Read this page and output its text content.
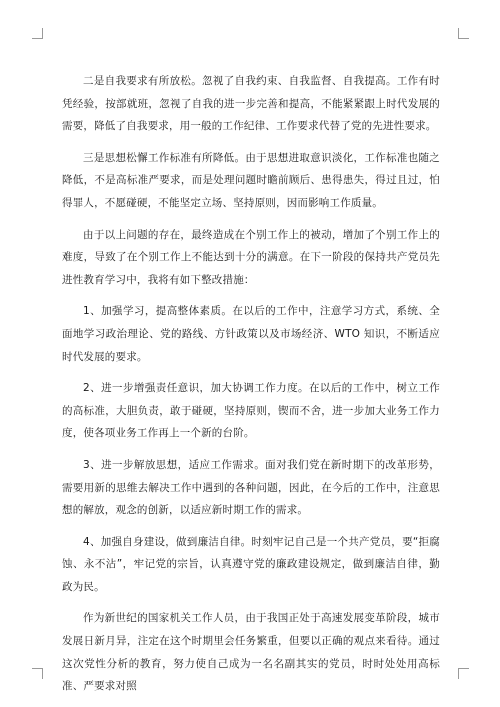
二是自我要求有所放松。忽视了自我约束、自我监督、自我提高。工作有时凭经验，按部就班，忽视了自我的进一步完善和提高，不能紧紧跟上时代发展的需要，降低了自我要求，用一般的工作纪律、工作要求代替了党的先进性要求。

三是思想松懈工作标准有所降低。由于思想进取意识淡化，工作标准也随之降低，不是高标准严要求，而是处理问题时瞻前顾后、患得患失，得过且过，怕得罪人，不愿碰硬，不能坚定立场、坚持原则，因而影响工作质量。

由于以上问题的存在，最终造成在个别工作上的被动，增加了个别工作上的难度，导致了在个别工作上不能达到十分的满意。在下一阶段的保持共产党员先进性教育学习中，我将有如下整改措施：

1、加强学习，提高整体素质。在以后的工作中，注意学习方式，系统、全面地学习政治理论、党的路线、方针政策以及市场经济、WTO 知识，不断适应时代发展的要求。

2、进一步增强责任意识，加大协调工作力度。在以后的工作中，树立工作的高标准，大胆负责，敢于碰硬，坚持原则，锲而不舍，进一步加大业务工作力度，使各项业务工作再上一个新的台阶。

3、进一步解放思想，适应工作需求。面对我们党在新时期下的改革形势，需要用新的思维去解决工作中遇到的各种问题，因此，在今后的工作中，注意思想的解放，观念的创新，以适应新时期工作的需求。

4、加强自身建设，做到廉洁自律。时刻牢记自己是一个共产党员，要“拒腐蚀、永不沾”，牢记党的宗旨，认真遵守党的廉政建设规定，做到廉洁自律，勤政为民。

作为新世纪的国家机关工作人员，由于我国正处于高速发展变革阶段，城市发展日新月异，注定在这个时期里会任务繁重，但要以正确的观点来看待。通过这次党性分析的教育，努力使自己成为一名名副其实的党员，时时处处用高标准、严要求对照
